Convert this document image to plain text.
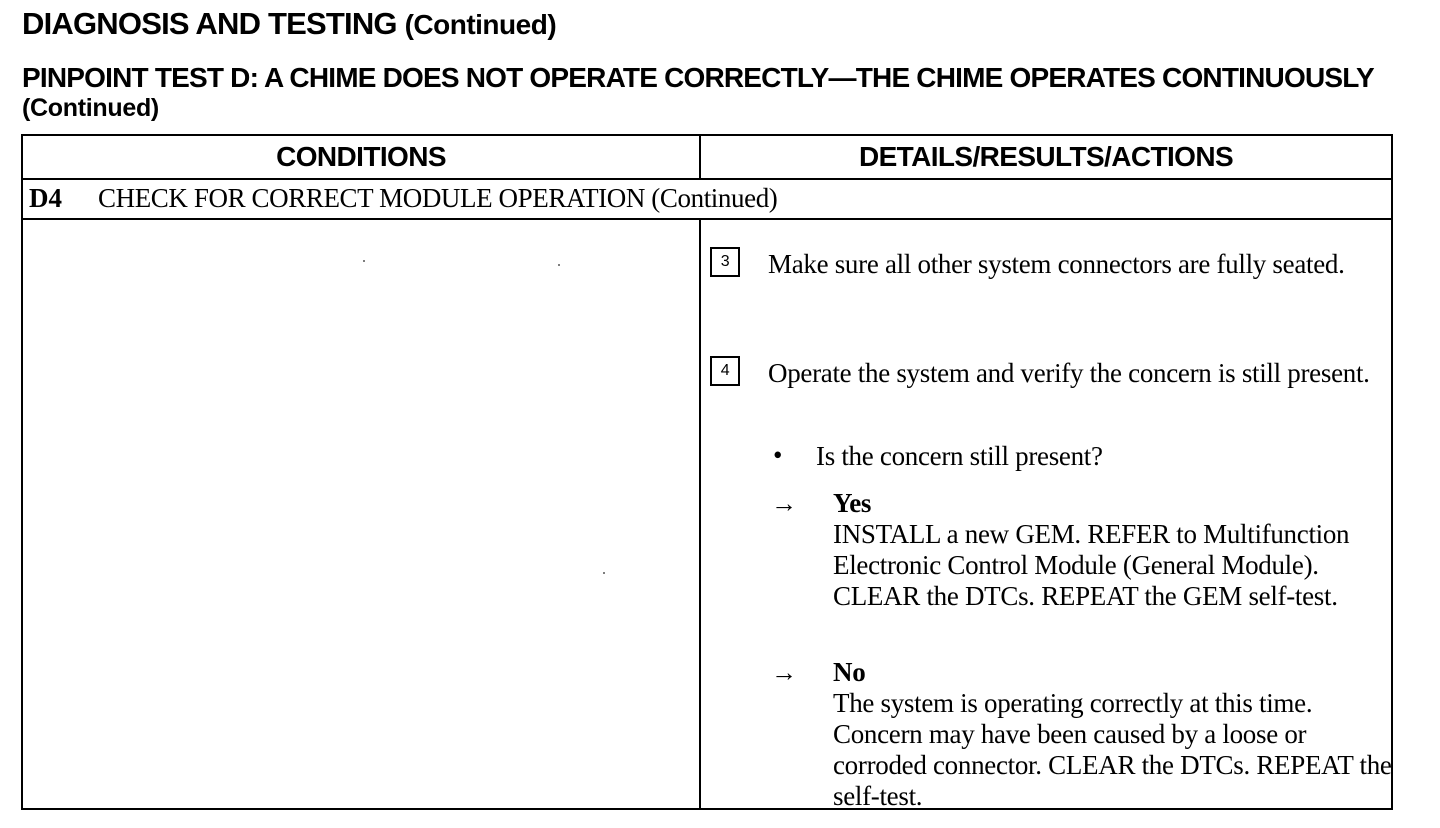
DIAGNOSIS AND TESTING (Continued)
PINPOINT TEST D: A CHIME DOES NOT OPERATE CORRECTLY—THE CHIME OPERATES CONTINUOUSLY (Continued)
CONDITIONS	DETAILS/RESULTS/ACTIONS
D4 CHECK FOR CORRECT MODULE OPERATION (Continued)
3	Make sure all other system connectors are fully seated.
4	Operate the system and verify the concern is still present.
• Is the concern still present?
→ Yes
INSTALL a new GEM. REFER to Multifunction Electronic Control Module (General Module). CLEAR the DTCs. REPEAT the GEM self-test.
→ No
The system is operating correctly at this time. Concern may have been caused by a loose or corroded connector. CLEAR the DTCs. REPEAT the self-test.
